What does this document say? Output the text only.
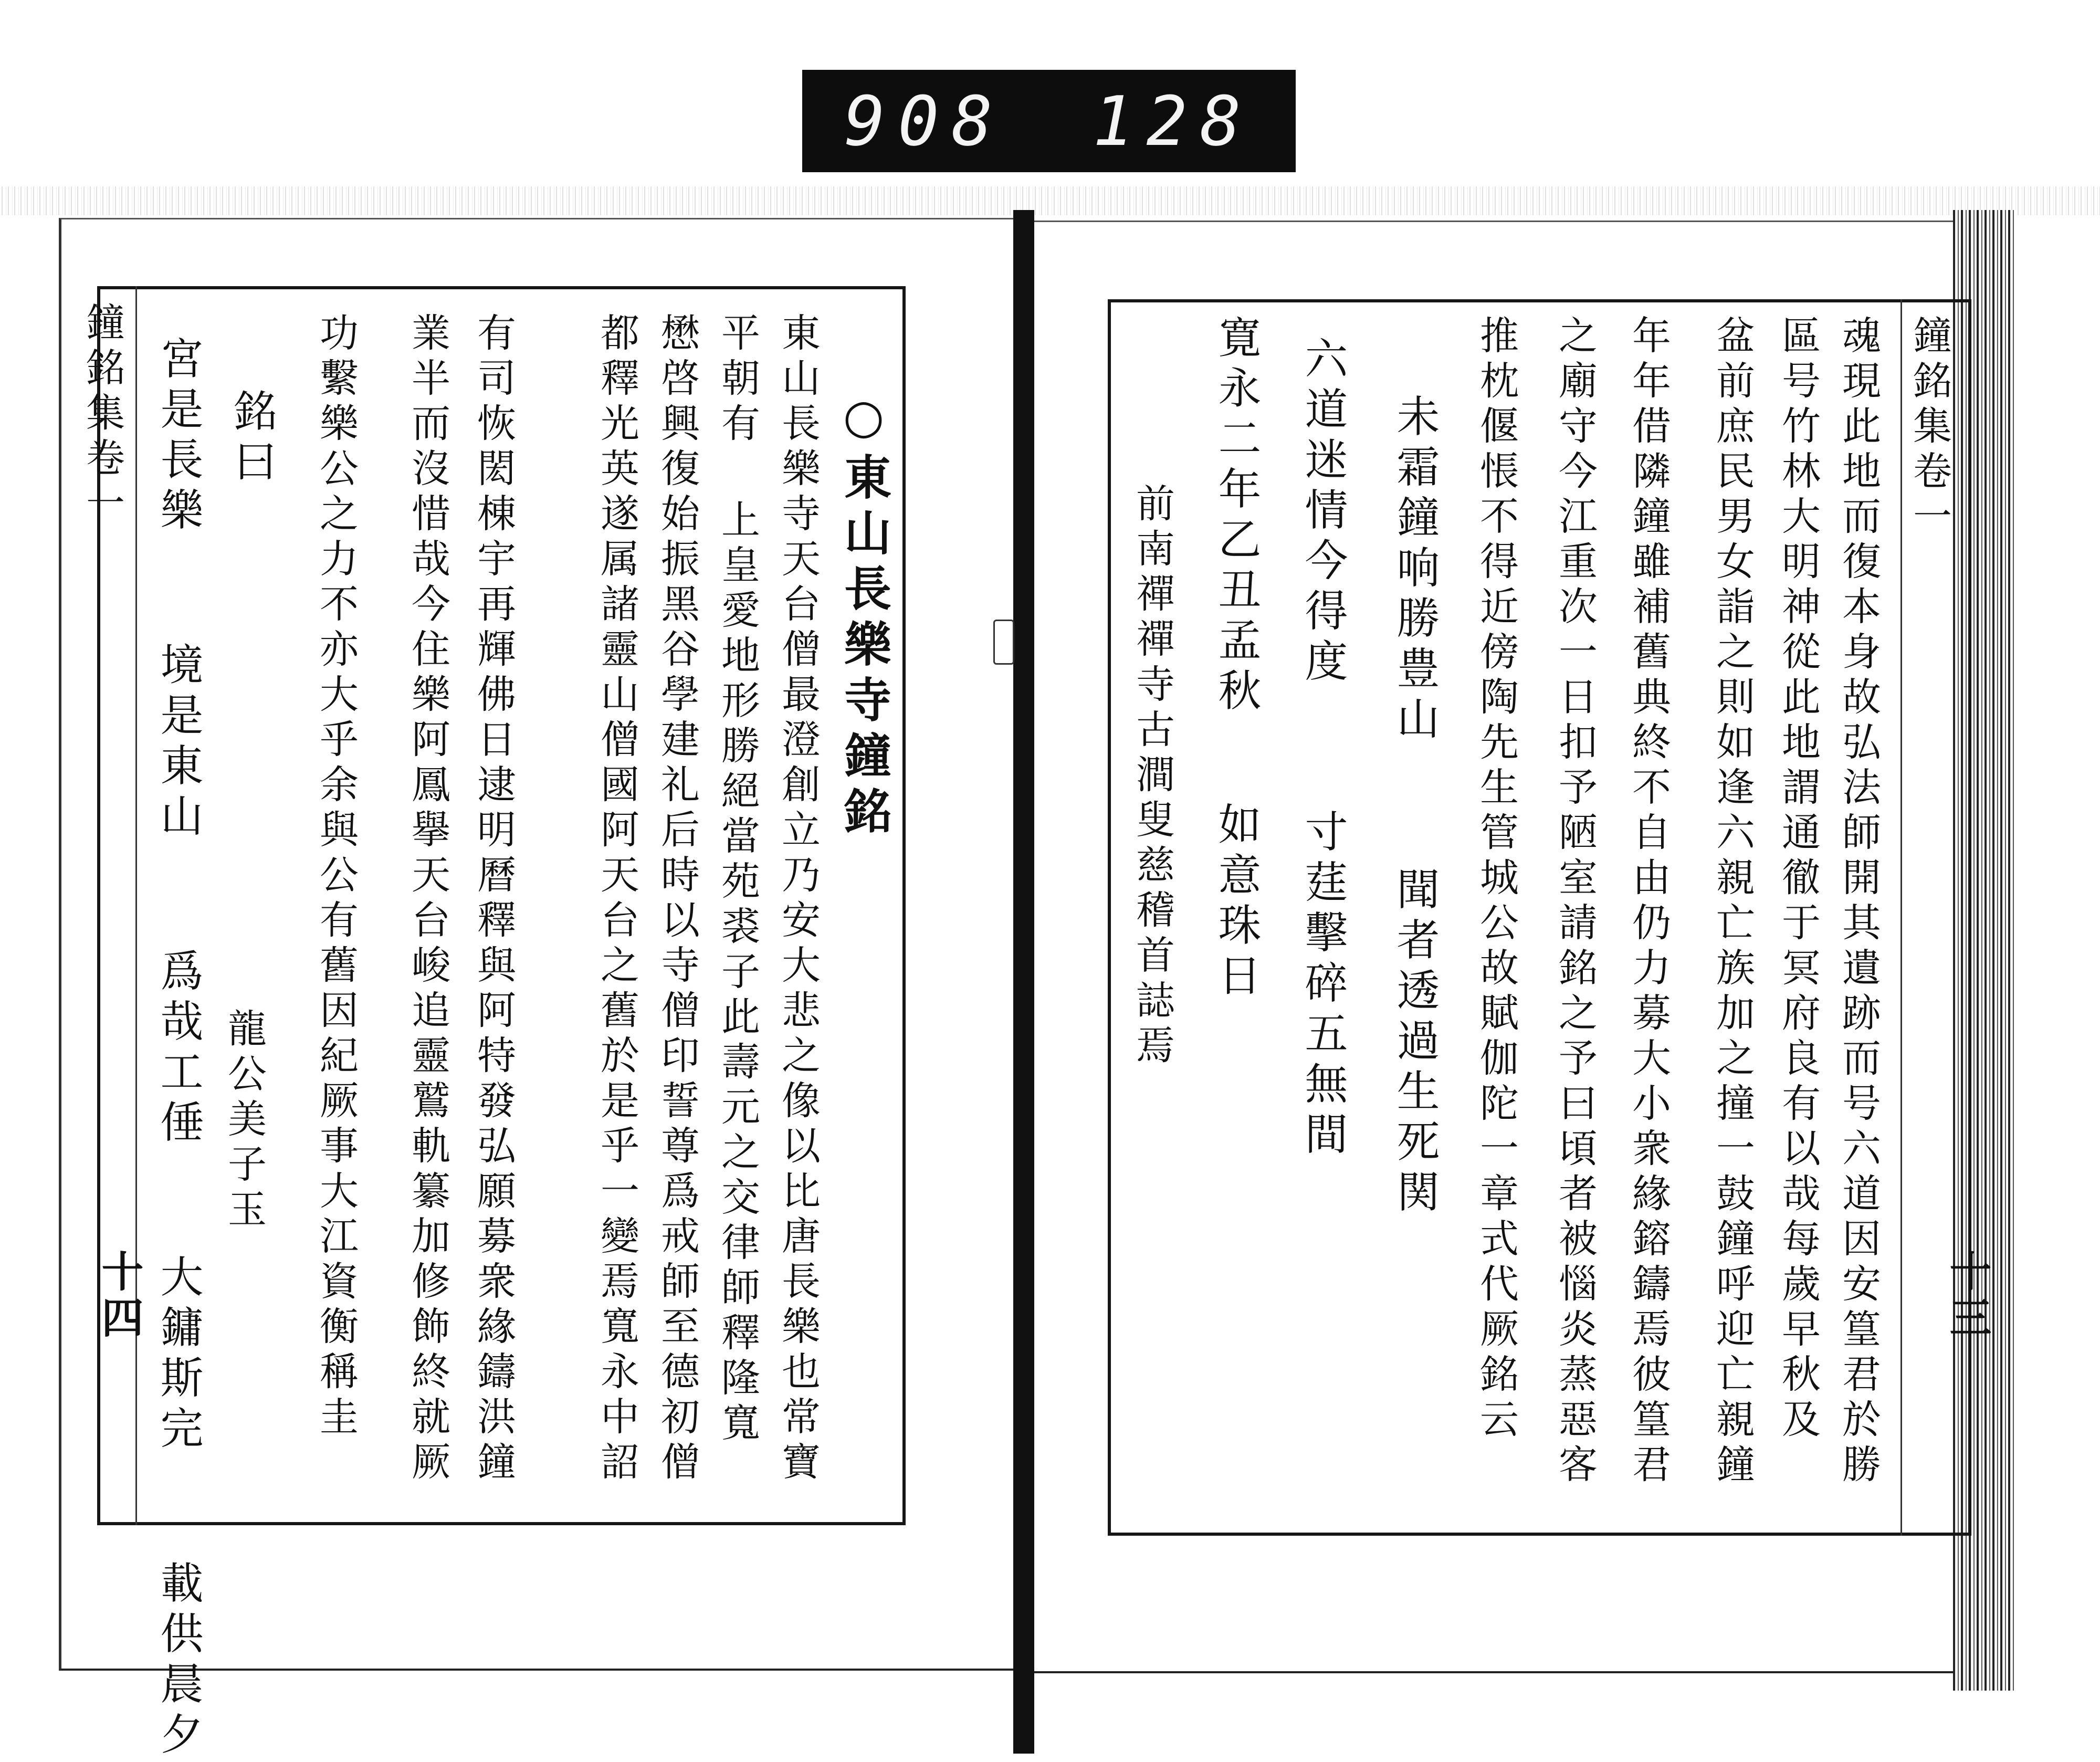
908 128
鐘銘集卷一
十四
○東山長樂寺鐘銘
東山長樂寺天台僧最澄創立乃安大悲之像以比唐長樂也常寶
平朝有 上皇愛地形勝絕當苑裘子此壽元之交律師釋隆寬
懋啓興復始振黑谷學建礼后時以寺僧印誓尊爲戒師至德初僧
都釋光英遂属諸靈山僧國阿天台之舊於是乎一變焉寬永中詔
有司恢閎棟宇再輝佛日逮明曆釋與阿特發弘願募衆緣鑄洪鐘
業半而沒惜哉今住樂阿鳳擧天台峻追靈鷲軌纂加修飾終就厥
功繫樂公之力不亦大乎余與公有舊因紀厥事大江資衡稱圭
銘曰
宮是長樂 境是東山 爲哉工倕 大鏞斯完 載供晨夕 龍公美子玉
鐘銘集卷一
十三
魂現此地而復本身故弘法師開其遺跡而号六道因安篁君於勝
區号竹林大明神從此地謂通徹于冥府良有以哉每歲早秋及
盆前庶民男女詣之則如逢六親亡族加之撞一鼓鐘呼迎亡親鐘
年年借隣鐘雖補舊典終不自由仍力募大小衆緣鎔鑄焉彼篁君
之廟守今江重次一日扣予陋室請銘之予曰頃者被惱炎蒸惡客
推枕偃悵不得近傍陶先生管城公故賦伽陀一章式代厥銘云
未霜鐘响勝豊山 聞者透過生死関
六道迷情今得度 寸莛擊碎五無間
寛永二年乙丑孟秋 如意珠日
前南禪禪寺古澗叟慈稽首誌焉
